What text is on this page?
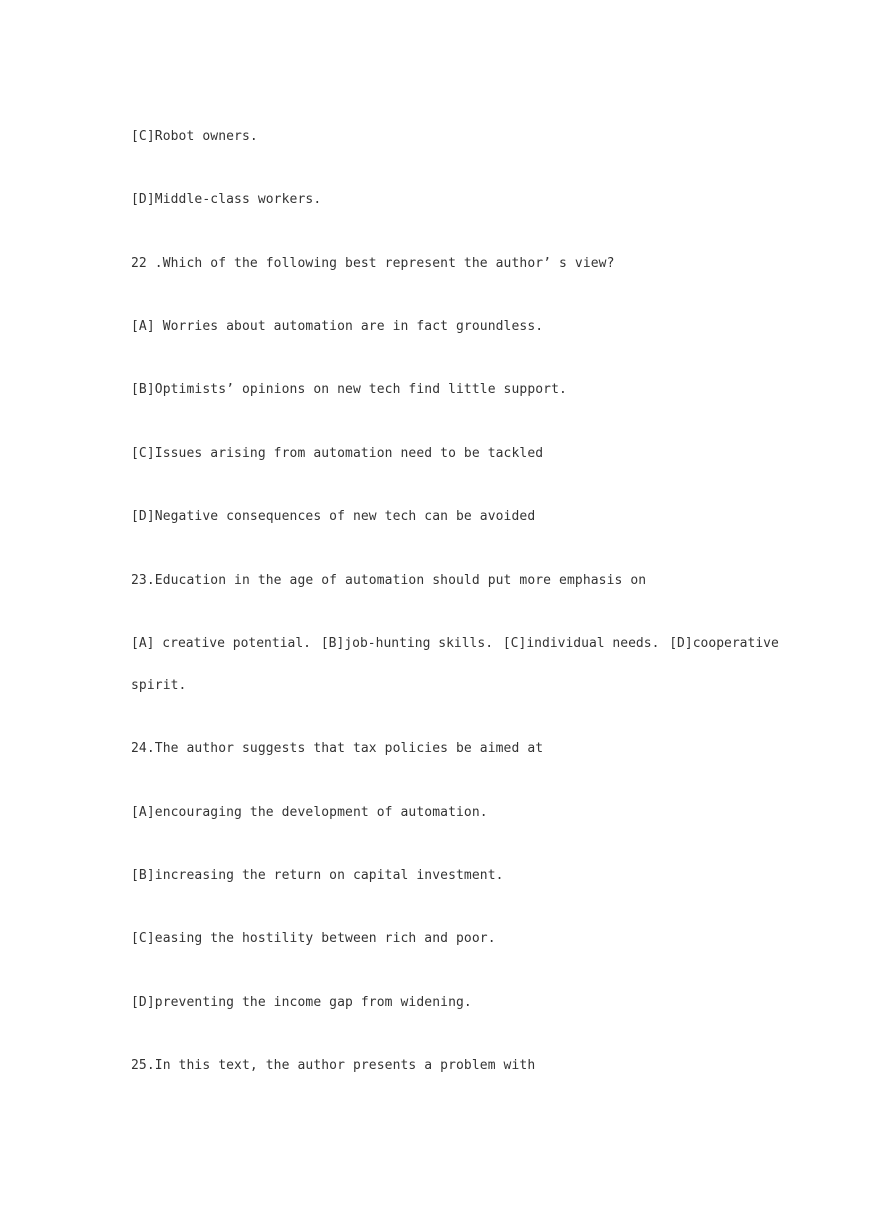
[C]Robot owners.

[D]Middle-class workers.

22 .Which of the following best represent the author’ s view?

[A] Worries about automation are in fact groundless.

[B]Optimists’ opinions on new tech find little support.

[C]Issues arising from automation need to be tackled

[D]Negative consequences of new tech can be avoided

23.Education in the age of automation should put more emphasis on

[A] creative potential. [B]job-hunting skills. [C]individual needs. [D]cooperative

spirit.

24.The author suggests that tax policies be aimed at

[A]encouraging the development of automation.

[B]increasing the return on capital investment.

[C]easing the hostility between rich and poor.

[D]preventing the income gap from widening.

25.In this text, the author presents a problem with
